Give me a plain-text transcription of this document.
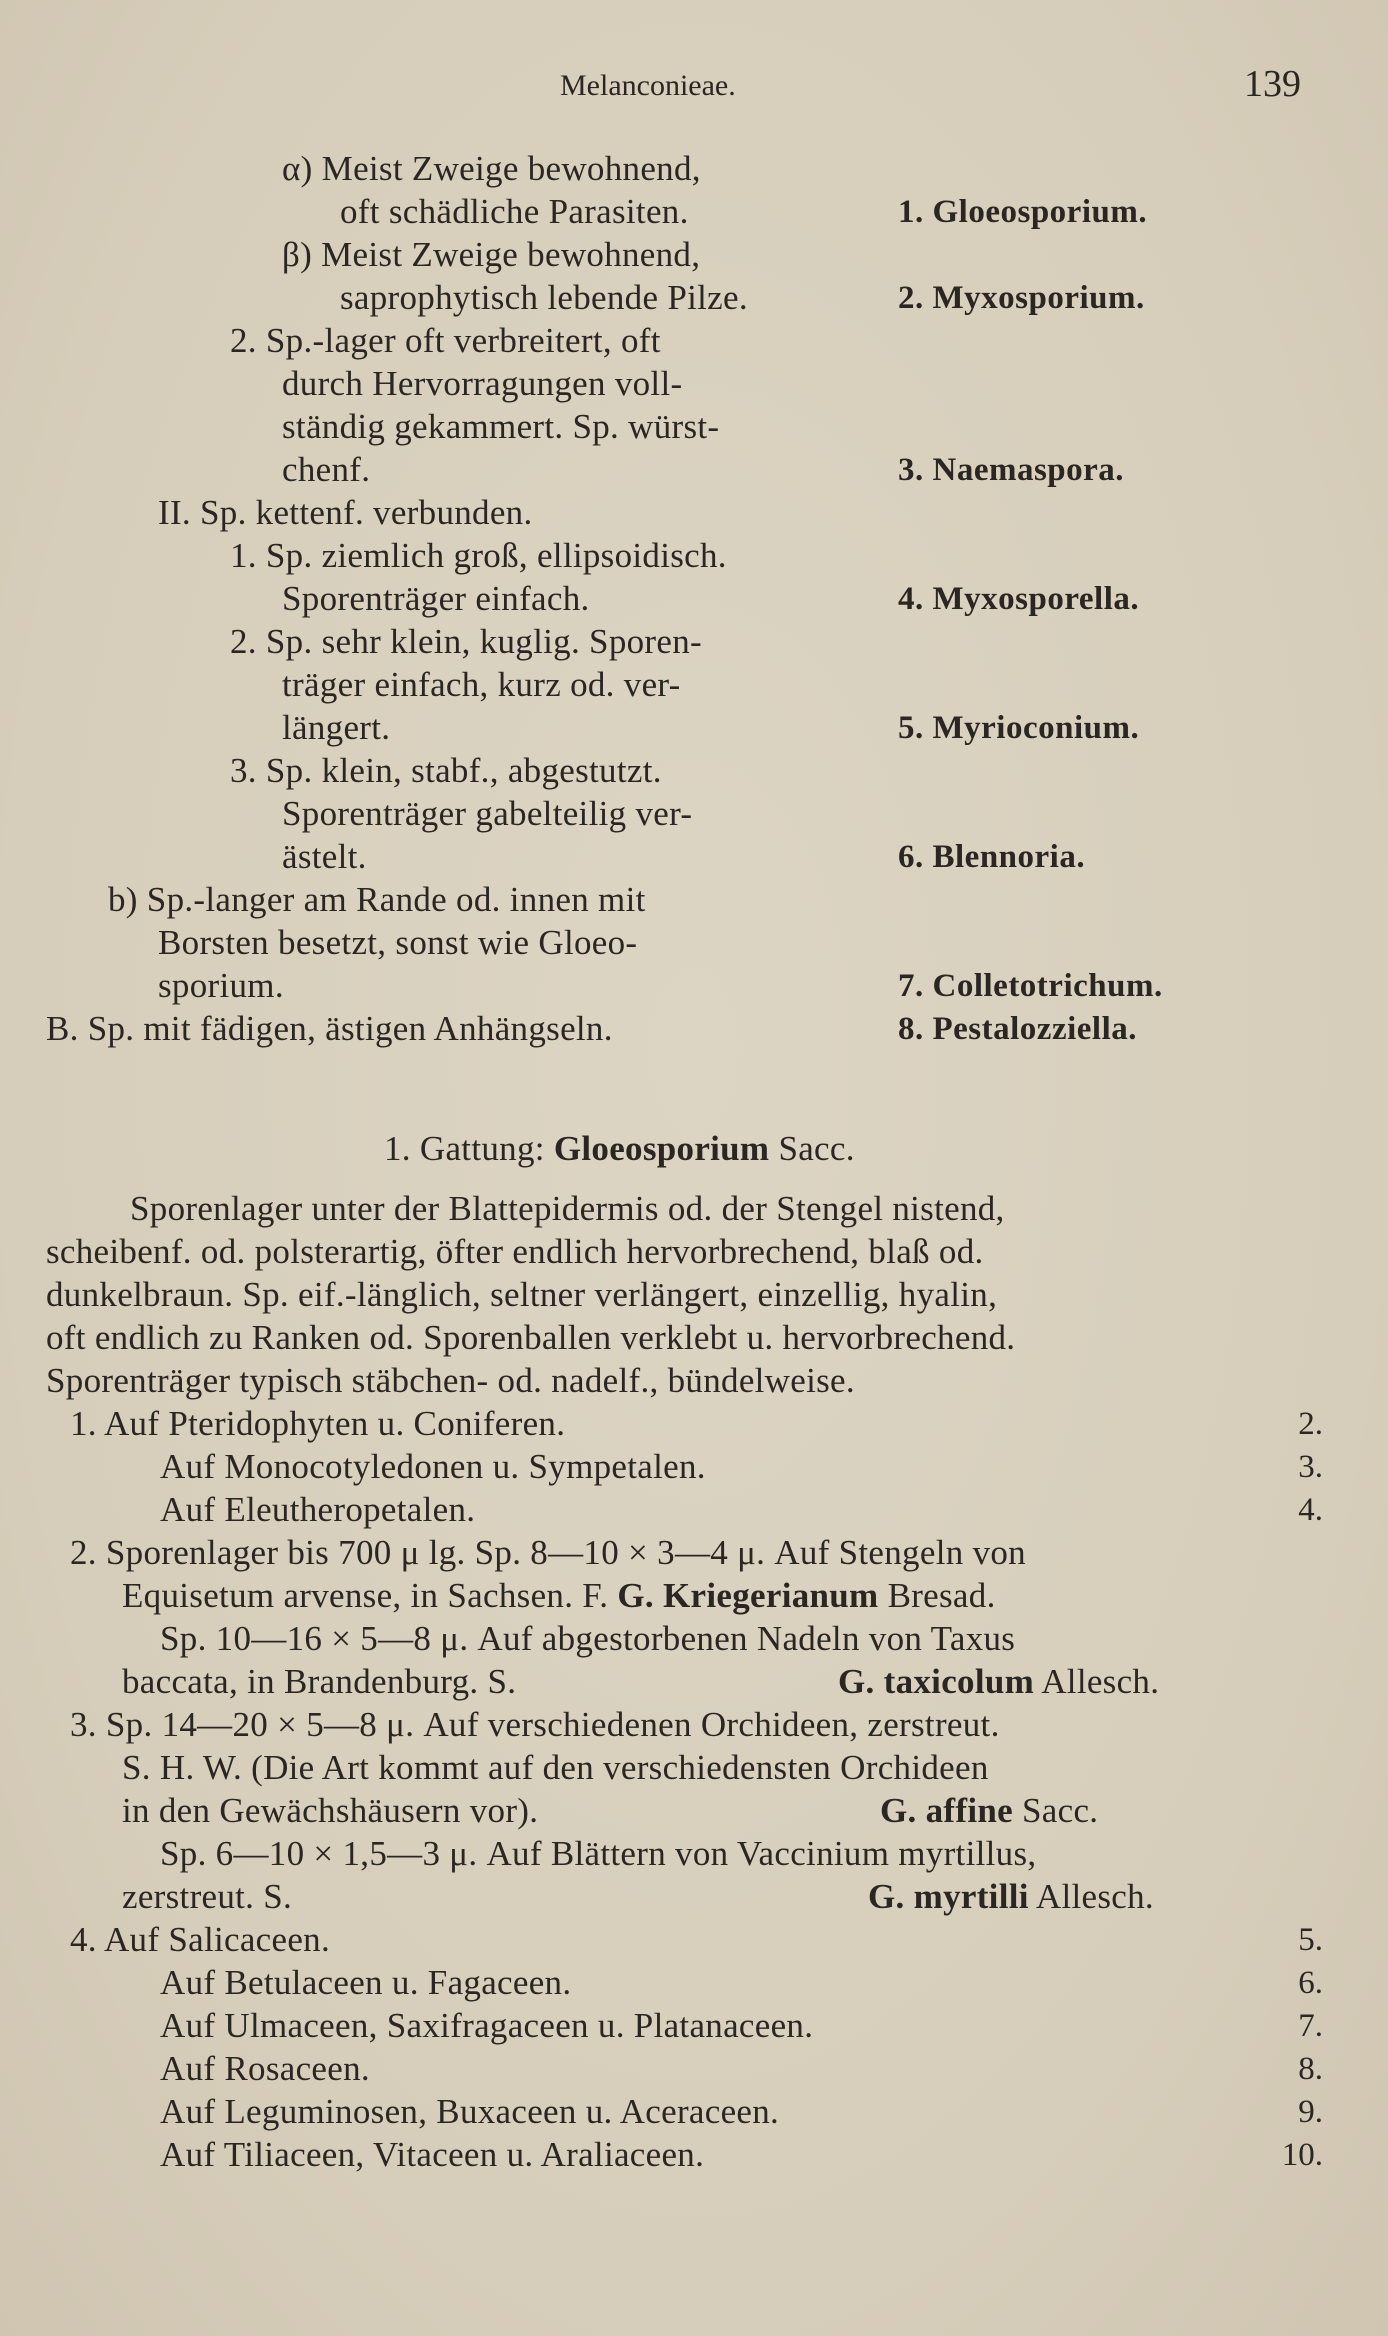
Melanconieae.	139
α) Meist Zweige bewohnend,
oft schädliche Parasiten.	1. Gloeosporium.
β) Meist Zweige bewohnend,
saprophytisch lebende Pilze.	2. Myxosporium.
2. Sp.-lager oft verbreitert, oft
durch Hervorragungen voll-
ständig gekammert. Sp. würst-
chenf.	3. Naemaspora.
II. Sp. kettenf. verbunden.
1. Sp. ziemlich groß, ellipsoidisch.
Sporenträger einfach.	4. Myxosporella.
2. Sp. sehr klein, kuglig. Sporen-
träger einfach, kurz od. ver-
längert.	5. Myrioconium.
3. Sp. klein, stabf., abgestutzt.
Sporenträger gabelteilig ver-
ästelt.	6. Blennoria.
b) Sp.-langer am Rande od. innen mit
Borsten besetzt, sonst wie Gloeo-
sporium.	7. Colletotrichum.
B. Sp. mit fädigen, ästigen Anhängseln.	8. Pestalozziella.
1. Gattung: Gloeosporium Sacc.
Sporenlager unter der Blattepidermis od. der Stengel nistend,
scheibenf. od. polsterartig, öfter endlich hervorbrechend, blaß od.
dunkelbraun. Sp. eif.-länglich, seltner verlängert, einzellig, hyalin,
oft endlich zu Ranken od. Sporenballen verklebt u. hervorbrechend.
Sporenträger typisch stäbchen- od. nadelf., bündelweise.
1. Auf Pteridophyten u. Coniferen.	2.
Auf Monocotyledonen u. Sympetalen.	3.
Auf Eleutheropetalen.	4.
2. Sporenlager bis 700 μ lg. Sp. 8—10 × 3—4 μ. Auf Stengeln von
Equisetum arvense, in Sachsen. F. G. Kriegerianum Bresad.
Sp. 10—16 × 5—8 μ. Auf abgestorbenen Nadeln von Taxus
baccata, in Brandenburg. S.	G. taxicolum Allesch.
3. Sp. 14—20 × 5—8 μ. Auf verschiedenen Orchideen, zerstreut.
S. H. W. (Die Art kommt auf den verschiedensten Orchideen
in den Gewächshäusern vor).	G. affine Sacc.
Sp. 6—10 × 1,5—3 μ. Auf Blättern von Vaccinium myrtillus,
zerstreut. S.	G. myrtilli Allesch.
4. Auf Salicaceen.	5.
Auf Betulaceen u. Fagaceen.	6.
Auf Ulmaceen, Saxifragaceen u. Platanaceen.	7.
Auf Rosaceen.	8.
Auf Leguminosen, Buxaceen u. Aceraceen.	9.
Auf Tiliaceen, Vitaceen u. Araliaceen.	10.
